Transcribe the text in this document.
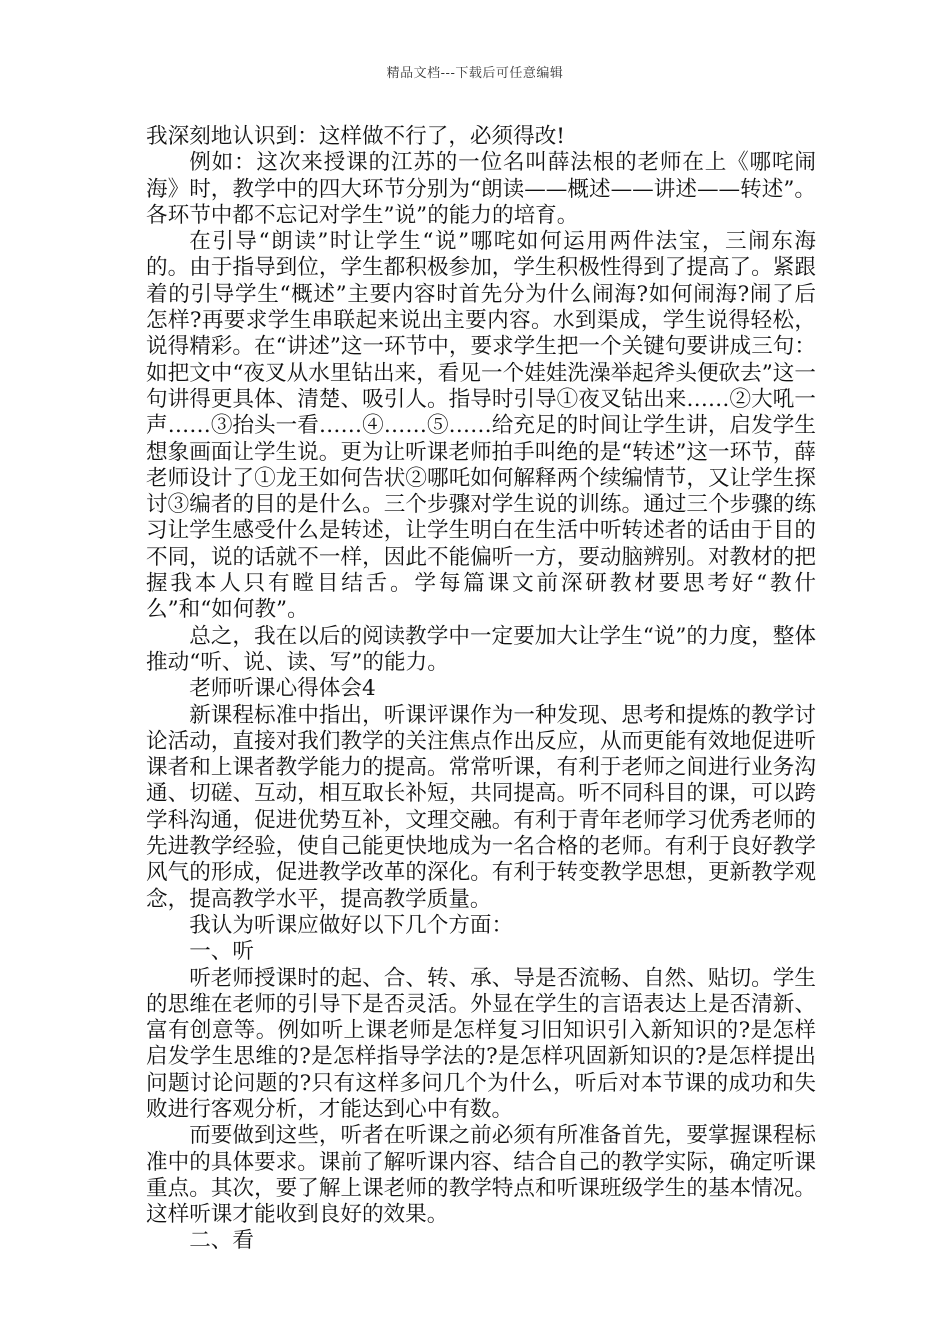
精品文档---下载后可任意编辑

我深刻地认识到：这样做不行了，必须得改!

例如：这次来授课的江苏的一位名叫薛法根的老师在上《哪咤闹海》时，教学中的四大环节分别为“朗读——概述——讲述——转述”。各环节中都不忘记对学生”说”的能力的培育。

在引导“朗读”时让学生“说”哪咤如何运用两件法宝，三闹东海的。由于指导到位，学生都积极参加，学生积极性得到了提高了。紧跟着的引导学生“概述”主要内容时首先分为什么闹海?如何闹海?闹了后怎样?再要求学生串联起来说出主要内容。水到渠成，学生说得轻松，说得精彩。在“讲述”这一环节中，要求学生把一个关键句要讲成三句：如把文中“夜叉从水里钻出来，看见一个娃娃洗澡举起斧头便砍去”这一句讲得更具体、清楚、吸引人。指导时引导①夜叉钻出来……②大吼一声……③抬头一看……④……⑤……给充足的时间让学生讲，启发学生想象画面让学生说。更为让听课老师拍手叫绝的是“转述”这一环节，薛老师设计了①龙王如何告状②哪吒如何解释两个续编情节，又让学生探讨③编者的目的是什么。三个步骤对学生说的训练。通过三个步骤的练习让学生感受什么是转述，让学生明白在生活中听转述者的话由于目的不同，说的话就不一样，因此不能偏听一方，要动脑辨别。对教材的把握我本人只有瞠目结舌。学每篇课文前深研教材要思考好“教什么”和“如何教”。

总之，我在以后的阅读教学中一定要加大让学生“说”的力度，整体推动“听、说、读、写”的能力。

老师听课心得体会4

新课程标准中指出，听课评课作为一种发现、思考和提炼的教学讨论活动，直接对我们教学的关注焦点作出反应，从而更能有效地促进听课者和上课者教学能力的提高。常常听课，有利于老师之间进行业务沟通、切磋、互动，相互取长补短，共同提高。听不同科目的课，可以跨学科沟通，促进优势互补，文理交融。有利于青年老师学习优秀老师的先进教学经验，使自己能更快地成为一名合格的老师。有利于良好教学风气的形成，促进教学改革的深化。有利于转变教学思想，更新教学观念，提高教学水平，提高教学质量。

我认为听课应做好以下几个方面：

一、听

听老师授课时的起、合、转、承、导是否流畅、自然、贴切。学生的思维在老师的引导下是否灵活。外显在学生的言语表达上是否清新、富有创意等。例如听上课老师是怎样复习旧知识引入新知识的?是怎样启发学生思维的?是怎样指导学法的?是怎样巩固新知识的?是怎样提出问题讨论问题的?只有这样多问几个为什么，听后对本节课的成功和失败进行客观分析，才能达到心中有数。

而要做到这些，听者在听课之前必须有所准备首先，要掌握课程标准中的具体要求。课前了解听课内容、结合自己的教学实际，确定听课重点。其次，要了解上课老师的教学特点和听课班级学生的基本情况。这样听课才能收到良好的效果。

二、看
